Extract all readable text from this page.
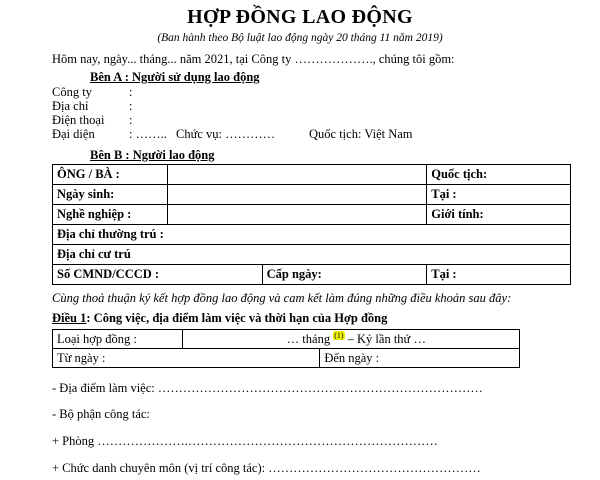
HỢP ĐỒNG LAO ĐỘNG
(Ban hành theo Bộ luật lao động ngày 20 tháng 11 năm 2019)
Hôm nay, ngày... tháng... năm 2021, tại Công ty ………………., chúng tôi gồm:
Bên A : Người sử dụng lao động
Công ty	:
Địa chỉ	:
Điện thoại :
Đại diện	: …….. Chức vụ: …………	Quốc tịch: Việt Nam
Bên B : Người lao động
ÔNG / BÀ :			Quốc tịch:
Ngày sinh:			Tại :
Nghề nghiệp :			Giới tính:
Địa chỉ thường trú :			
Địa chỉ cư trú			
Số CMND/CCCD :		Cấp ngày:	Tại :
Cùng thoả thuận ký kết hợp đồng lao động và cam kết làm đúng những điều khoản sau đây:
Điều 1: Công việc, địa điểm làm việc và thời hạn của Hợp đồng
Loại hợp đồng :	… tháng $^{(1)}$ – Ký lần thứ …	
Từ ngày :		Đến ngày :
- Địa điểm làm việc: ……………………………………………………………………
- Bộ phận công tác:
+ Phòng ………………….……………………………………………………
+ Chức danh chuyên môn (vị trí công tác): ……………………………………………
